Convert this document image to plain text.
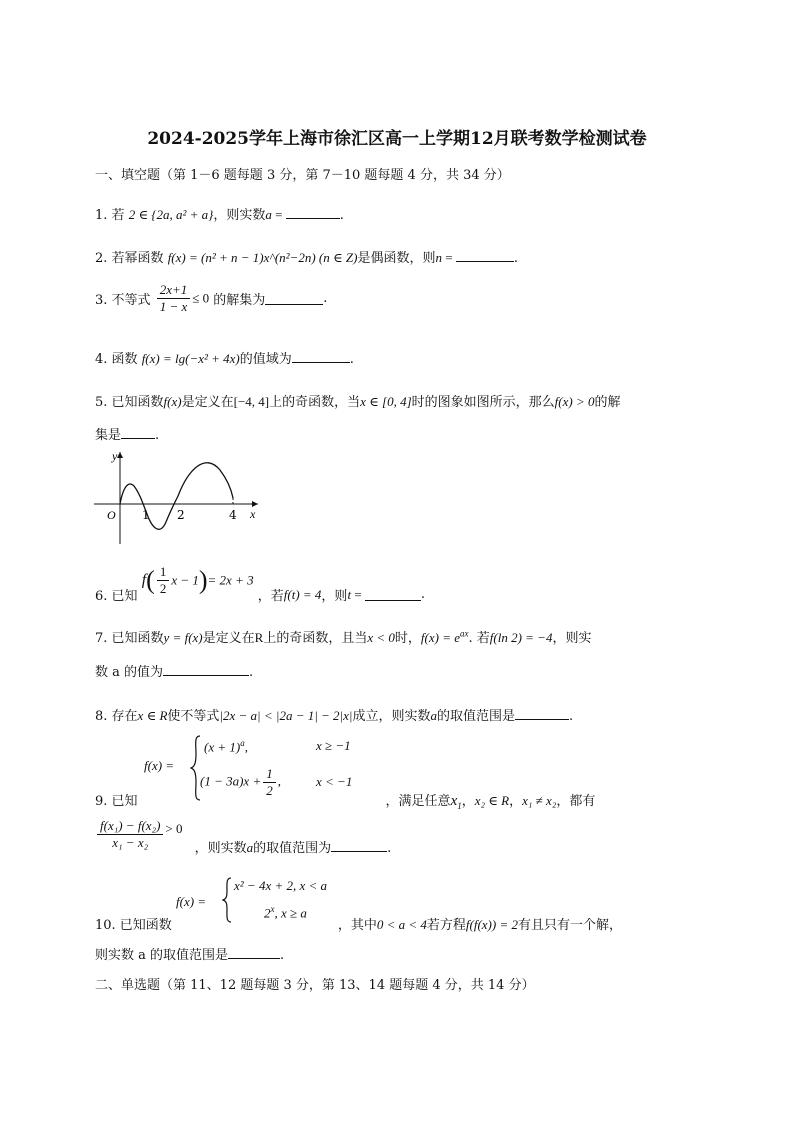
2024-2025学年上海市徐汇区高一上学期12月联考数学检测试卷
一、填空题（第 1－6 题每题 3 分，第 7－10 题每题 4 分，共 34 分）
1. 若 2 ∈ {2a, a² + a}，则实数a =	.
2. 若幂函数 f(x) = (n² + n − 1)x^(n²−2n) (n ∈ Z)是偶函数，则n =	.
3. 不等式 $\frac{2x+1}{1 - x} \le 0$ 的解集为	.
4. 函数 f(x) = lg(−x² + 4x)的值域为	.
5. 已知函数f(x)是定义在[−4, 4]上的奇函数，当x ∈ [0, 4]时的图象如图所示，那么f(x) > 0的解
集是	.
y
x
O 1 2	4
6. 已知 $f( \frac{1}{2}$ x − 1)= 2x + 3 ，若f(t) = 4，则t =	.
7. 已知函数y = f(x)是定义在R上的奇函数，且当x < 0时，$f(x) = e^{ax}$. 若f(ln 2) = −4，则实
数 a 的值为	.
8. 存在x ∈ R使不等式|2x − a| < |2a − 1| − 2|x|成立，则实数a的取值范围是	.
f(x) =
$(x + 1)^a$,	x ≥ −1
$(1 - 3a)x + \frac{1}{2}$ ,	x < −1
9. 已知	，满足任意$x_1$，x₂ ∈ R，x₁ ≠ x₂，都有
$\frac{\text{f(x₁) − f(x₂)}}{\text{x₁ − x₂}} > 0$ ，则实数a的取值范围为	.
f(x) =
x² − 4x + 2, x < a
2$^x$, x ≥ a
10. 已知函数	，其中0 < a < 4若方程f(f(x)) = 2有且只有一个解，
则实数 a 的取值范围是	.
二、单选题（第 11、12 题每题 3 分，第 13、14 题每题 4 分，共 14 分）
